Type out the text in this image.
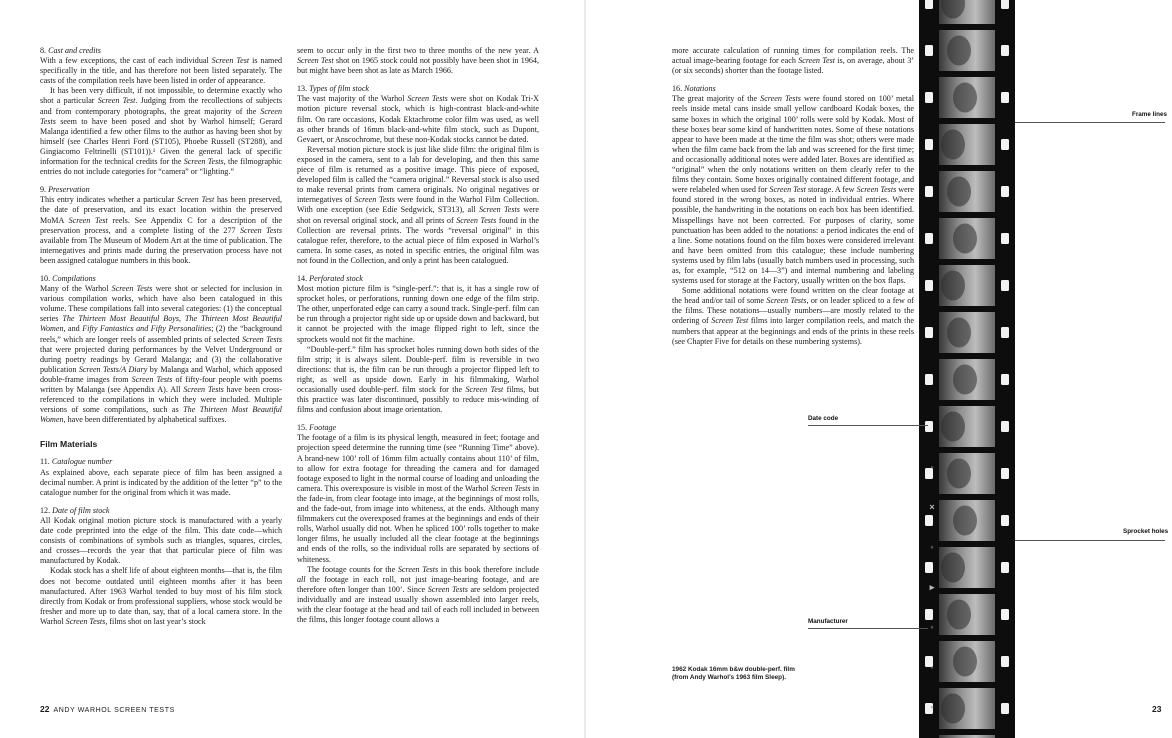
8. Cast and credits

With a few exceptions, the cast of each individual Screen Test is named specifically in the title, and has therefore not been listed separately. The casts of the compilation reels have been listed in order of appearance.

It has been very difficult, if not impossible, to determine exactly who shot a particular Screen Test. Judging from the recollections of subjects and from contemporary photographs, the great majority of the Screen Tests seem to have been posed and shot by Warhol himself; Gerard Malanga identified a few other films to the author as having been shot by himself (see Charles Henri Ford (ST105), Phoebe Russell (ST288), and Gingiacomo Feltrinelli (ST101)).¹ Given the general lack of specific information for the technical credits for the Screen Tests, the filmographic entries do not include categories for “camera” or “lighting.”

9. Preservation

This entry indicates whether a particular Screen Test has been preserved, the date of preservation, and its exact location within the preserved MoMA Screen Test reels. See Appendix C for a description of the preservation process, and a complete listing of the 277 Screen Tests available from The Museum of Modern Art at the time of publication. The internegatives and prints made during the preservation process have not been assigned catalogue numbers in this book.

10. Compilations

Many of the Warhol Screen Tests were shot or selected for inclusion in various compilation works, which have also been catalogued in this volume. These compilations fall into several categories: (1) the conceptual series The Thirteen Most Beautiful Boys, The Thirteen Most Beautiful Women, and Fifty Fantastics and Fifty Personalities; (2) the “background reels,” which are longer reels of assembled prints of selected Screen Tests that were projected during performances by the Velvet Underground or during poetry readings by Gerard Malanga; and (3) the collaborative publication Screen Tests/A Diary by Malanga and Warhol, which apposed double-frame images from Screen Tests of fifty-four people with poems written by Malanga (see Appendix A). All Screen Tests have been cross-referenced to the compilations in which they were included. Multiple versions of some compilations, such as The Thirteen Most Beautiful Women, have been differentiated by alphabetical suffixes.

Film Materials

11. Catalogue number

As explained above, each separate piece of film has been assigned a decimal number. A print is indicated by the addition of the letter “p” to the catalogue number for the original from which it was made.

12. Date of film stock

All Kodak original motion picture stock is manufactured with a yearly date code preprinted into the edge of the film. This date code—which consists of combinations of symbols such as triangles, squares, circles, and crosses—records the year that that particular piece of film was manufactured by Kodak.

Kodak stock has a shelf life of about eighteen months—that is, the film does not become outdated until eighteen months after it has been manufactured. After 1963 Warhol tended to buy most of his film stock directly from Kodak or from professional suppliers, whose stock would be fresher and more up to date than, say, that of a local camera store. In the Warhol Screen Tests, films shot on last year’s stock

seem to occur only in the first two to three months of the new year. A Screen Test shot on 1965 stock could not possibly have been shot in 1964, but might have been shot as late as March 1966.

13. Types of film stock

The vast majority of the Warhol Screen Tests were shot on Kodak Tri-X motion picture reversal stock, which is high-contrast black-and-white film. On rare occasions, Kodak Ektachrome color film was used, as well as other brands of 16mm black-and-white film stock, such as Dupont, Gevaert, or Anscochrome, but these non-Kodak stocks cannot be dated.

Reversal motion picture stock is just like slide film: the original film is exposed in the camera, sent to a lab for developing, and then this same piece of film is returned as a positive image. This piece of exposed, developed film is called the “camera original.” Reversal stock is also used to make reversal prints from camera originals. No original negatives or internegatives of Screen Tests were found in the Warhol Film Collection. With one exception (see Edie Sedgwick, ST313), all Screen Tests were shot on reversal original stock, and all prints of Screen Tests found in the Collection are reversal prints. The words “reversal original” in this catalogue refer, therefore, to the actual piece of film exposed in Warhol’s camera. In some cases, as noted in specific entries, the original film was not found in the Collection, and only a print has been catalogued.

14. Perforated stock

Most motion picture film is “single-perf.”: that is, it has a single row of sprocket holes, or perforations, running down one edge of the film strip. The other, unperforated edge can carry a sound track. Single-perf. film can be run through a projector right side up or upside down and backward, but it cannot be projected with the image flipped right to left, since the sprockets would not fit the machine.

“Double-perf.” film has sprocket holes running down both sides of the film strip; it is always silent. Double-perf. film is reversible in two directions: that is, the film can be run through a projector flipped left to right, as well as upside down. Early in his filmmaking, Warhol occasionally used double-perf. film stock for the Screen Test films, but this practice was later discontinued, possibly to reduce mis-winding of films and confusion about image orientation.

15. Footage

The footage of a film is its physical length, measured in feet; footage and projection speed determine the running time (see “Running Time” above). A brand-new 100’ roll of 16mm film actually contains about 110’ of film, to allow for extra footage for threading the camera and for damaged footage exposed to light in the normal course of loading and unloading the camera. This overexposure is visible in most of the Warhol Screen Tests in the fade-in, from clear footage into image, at the beginnings of most rolls, and the fade-out, from image into whiteness, at the ends. Although many filmmakers cut the overexposed frames at the beginnings and ends of their rolls, Warhol usually did not. When he spliced 100’ rolls together to make longer films, he usually included all the clear footage at the beginnings and ends of the rolls, so the individual rolls are separated by sections of whiteness.

The footage counts for the Screen Tests in this book therefore include all the footage in each roll, not just image-bearing footage, and are therefore often longer than 100’. Since Screen Tests are seldom projected individually and are instead usually shown assembled into larger reels, with the clear footage at the head and tail of each roll included in between the films, this longer footage count allows a

more accurate calculation of running times for compilation reels. The actual image-bearing footage for each Screen Test is, on average, about 3’ (or six seconds) shorter than the footage listed.

16. Notations

The great majority of the Screen Tests were found stored on 100’ metal reels inside metal cans inside small yellow cardboard Kodak boxes, the same boxes in which the original 100’ rolls were sold by Kodak. Most of these boxes bear some kind of handwritten notes. Some of these notations appear to have been made at the time the film was shot; others were made when the film came back from the lab and was screened for the first time; and occasionally additional notes were added later. Boxes are identified as “original” when the only notations written on them clearly refer to the films they contain. Some boxes originally contained different footage, and were relabeled when used for Screen Test storage. A few Screen Tests were found stored in the wrong boxes, as noted in individual entries. Where possible, the handwriting in the notations on each box has been identified. Misspellings have not been corrected. For purposes of clarity, some punctuation has been added to the notations: a period indicates the end of a line. Some notations found on the film boxes were considered irrelevant and have been omitted from this catalogue; these include numbering systems used by film labs (usually batch numbers used in processing, such as, for example, “512 on 14—3”) and internal numbering and labeling systems used for storage at the Factory, usually written on the box flaps.

Some additional notations were found written on the clear footage at the head and/or tail of some Screen Tests, or on leader spliced to a few of the films. These notations—usually numbers—are mostly related to the ordering of Screen Test films into larger compilation reels, and match the numbers that appear at the beginnings and ends of the prints in these reels (see Chapter Five for details on these numbering systems).

22 ANDY WARHOL SCREEN TESTS	23
◦
×
◦
▸
◦
◦
▪
Frame lines
Date code
Sprocket holes
Manufacturer
1962 Kodak 16mm b&w double-perf. film
(from Andy Warhol’s 1963 film Sleep).
